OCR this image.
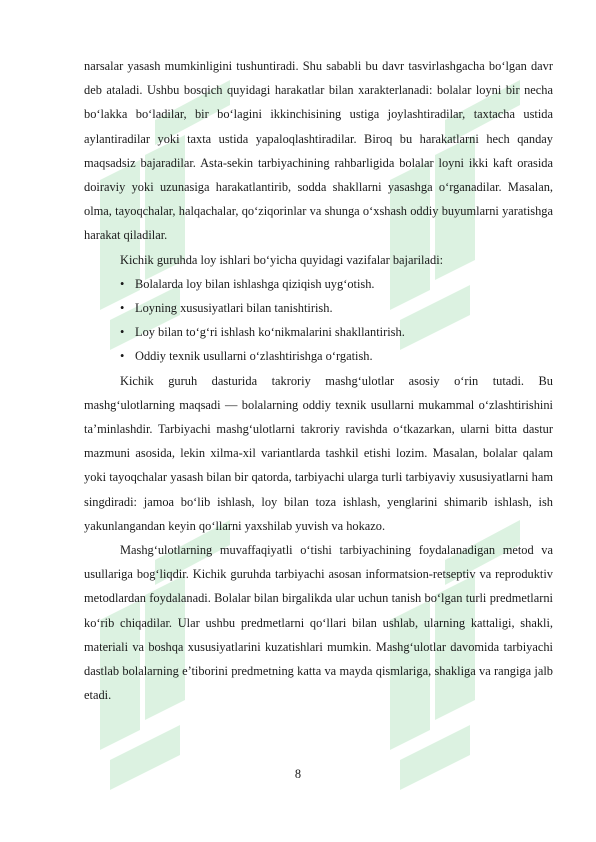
narsalar yasash mumkinligini tushuntiradi. Shu sababli bu davr tasvirlashgacha bo‘lgan davr deb ataladi. Ushbu bosqich quyidagi harakatlar bilan xarakterlanadi: bolalar loyni bir necha bo‘lakka bo‘ladilar, bir bo‘lagini ikkinchisining ustiga joylashtiradilar, taxtacha ustida aylantiradilar yoki taxta ustida yapaloqlashtiradilar. Biroq bu harakatlarni hech qanday maqsadsiz bajaradilar. Asta-sekin tarbiyachining rahbarligida bolalar loyni ikki kaft orasida doiraviy yoki uzunasiga harakatlantirib, sodda shakllarni yasashga o‘rganadilar. Masalan, olma, tayoqchalar, halqachalar, qo‘ziqorinlar va shunga o‘xshash oddiy buyumlarni yaratishga harakat qiladilar.

Kichik guruhda loy ishlari bo‘yicha quyidagi vazifalar bajariladi:

• Bolalarda loy bilan ishlashga qiziqish uyg‘otish.
• Loyning xususiyatlari bilan tanishtirish.
• Loy bilan to‘g‘ri ishlash ko‘nikmalarini shakllantirish.
• Oddiy texnik usullarni o‘zlashtirishga o‘rgatish.

Kichik guruh dasturida takroriy mashg‘ulotlar asosiy o‘rin tutadi. Bu mashg‘ulotlarning maqsadi — bolalarning oddiy texnik usullarni mukammal o‘zlashtirishini ta’minlashdir. Tarbiyachi mashg‘ulotlarni takroriy ravishda o‘tkazarkan, ularni bitta dastur mazmuni asosida, lekin xilma-xil variantlarda tashkil etishi lozim. Masalan, bolalar qalam yoki tayoqchalar yasash bilan bir qatorda, tarbiyachi ularga turli tarbiyaviy xususiyatlarni ham singdiradi: jamoa bo‘lib ishlash, loy bilan toza ishlash, yenglarini shimarib ishlash, ish yakunlangandan keyin qo‘llarni yaxshilab yuvish va hokazo.

Mashg‘ulotlarning muvaffaqiyatli o‘tishi tarbiyachining foydalanadigan metod va usullariga bog‘liqdir. Kichik guruhda tarbiyachi asosan informatsion-retseptiv va reproduktiv metodlardan foydalanadi. Bolalar bilan birgalikda ular uchun tanish bo‘lgan turli predmetlarni ko‘rib chiqadilar. Ular ushbu predmetlarni qo‘llari bilan ushlab, ularning kattaligi, shakli, materiali va boshqa xususiyatlarini kuzatishlari mumkin. Mashg‘ulotlar davomida tarbiyachi dastlab bolalarning e’tiborini predmetning katta va mayda qismlariga, shakliga va rangiga jalb etadi.

8
